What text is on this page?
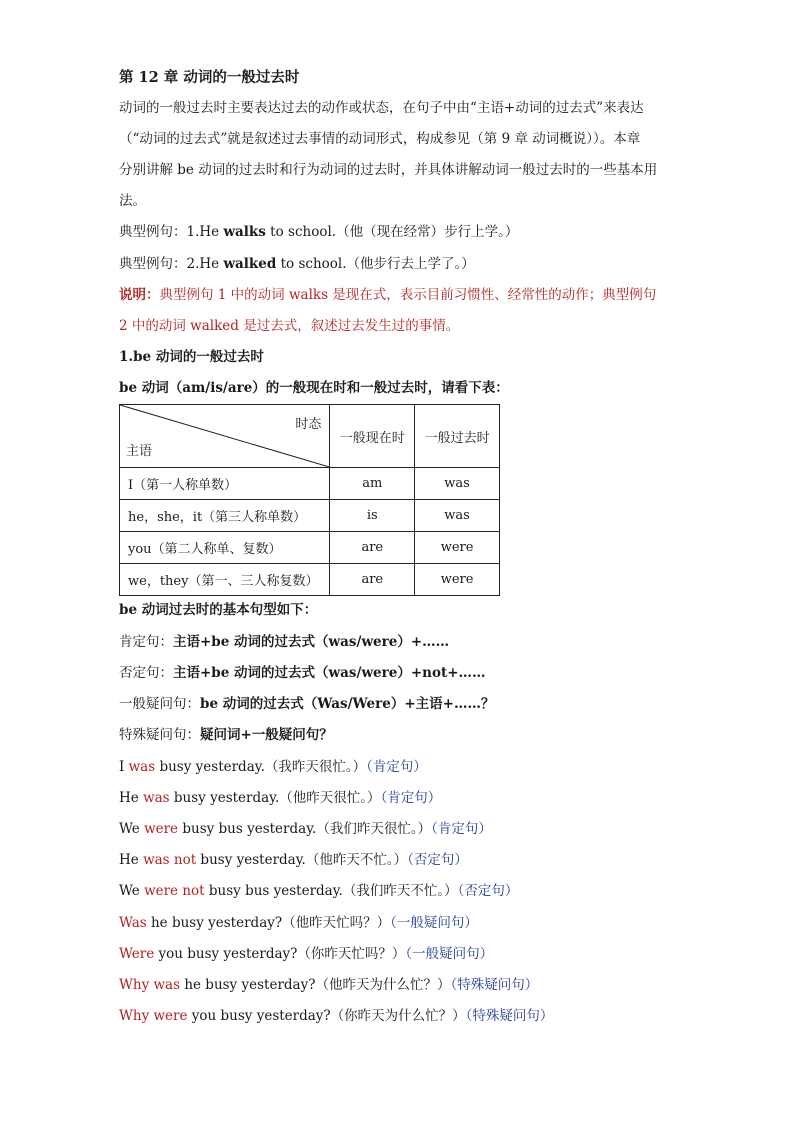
第 12 章 动词的一般过去时
动词的一般过去时主要表达过去的动作或状态，在句子中由“主语+动词的过去式”来表达
（“动词的过去式”就是叙述过去事情的动词形式，构成参见（第 9 章 动词概说））。本章
分别讲解 be 动词的过去时和行为动词的过去时，并具体讲解动词一般过去时的一些基本用
法。
典型例句：1.He walks to school.（他（现在经常）步行上学。）
典型例句：2.He walked to school.（他步行去上学了。）
说明：典型例句 1 中的动词 walks 是现在式，表示目前习惯性、经常性的动作；典型例句
2 中的动词 walked 是过去式，叙述过去发生过的事情。
1.be 动词的一般过去时
be 动词（am/is/are）的一般现在时和一般过去时，请看下表：
时态
主语	一般现在时	一般过去时
I（第一人称单数）	am	was
he，she，it（第三人称单数）	is	was
you（第二人称单、复数）	are	were
we，they（第一、三人称复数）	are	were
be 动词过去时的基本句型如下：
肯定句：主语+be 动词的过去式（was/were）+……
否定句：主语+be 动词的过去式（was/were）+not+……
一般疑问句：be 动词的过去式（Was/Were）+主语+……？
特殊疑问句：疑问词+一般疑问句？
I was busy yesterday.（我昨天很忙。）（肯定句）
He was busy yesterday.（他昨天很忙。）（肯定句）
We were busy bus yesterday.（我们昨天很忙。）（肯定句）
He was not busy yesterday.（他昨天不忙。）（否定句）
We were not busy bus yesterday.（我们昨天不忙。）（否定句）
Was he busy yesterday?（他昨天忙吗？）（一般疑问句）
Were you busy yesterday?（你昨天忙吗？）（一般疑问句）
Why was he busy yesterday?（他昨天为什么忙？）（特殊疑问句）
Why were you busy yesterday?（你昨天为什么忙？）（特殊疑问句）
